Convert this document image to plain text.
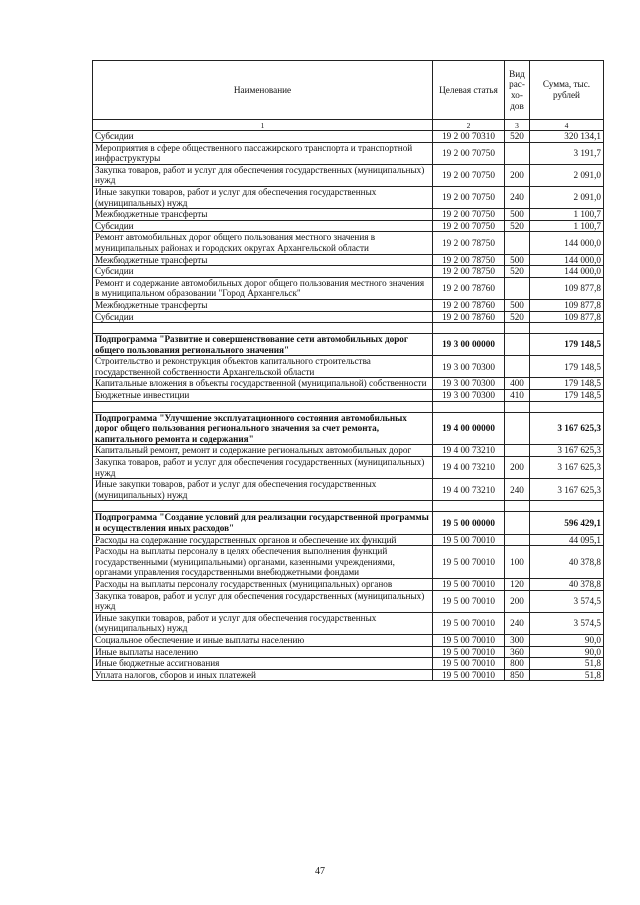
Наименование	Целевая статья	Вид рас- хо- дов	Сумма, тыс. рублей
1	2	3	4
Субсидии	19 2 00 70310	520	320 134,1
Мероприятия в сфере общественного пассажирского транспорта и транспортной инфраструктуры	19 2 00 70750		3 191,7
Закупка товаров, работ и услуг для обеспечения государственных (муниципальных) нужд	19 2 00 70750	200	2 091,0
Иные закупки товаров, работ и услуг для обеспечения государственных (муниципальных) нужд	19 2 00 70750	240	2 091,0
Межбюджетные трансферты	19 2 00 70750	500	1 100,7
Субсидии	19 2 00 70750	520	1 100,7
Ремонт автомобильных дорог общего пользования местного значения в муниципальных районах и городских округах Архангельской области	19 2 00 78750		144 000,0
Межбюджетные трансферты	19 2 00 78750	500	144 000,0
Субсидии	19 2 00 78750	520	144 000,0
Ремонт и содержание автомобильных дорог общего пользования местного значения в муниципальном образовании "Город Архангельск"	19 2 00 78760		109 877,8
Межбюджетные трансферты	19 2 00 78760	500	109 877,8
Субсидии	19 2 00 78760	520	109 877,8

Подпрограмма "Развитие и совершенствование сети автомобильных дорог общего пользования регионального значения"	19 3 00 00000		179 148,5
Строительство и реконструкция объектов капитального строительства государственной собственности Архангельской области	19 3 00 70300		179 148,5
Капитальные вложения в объекты государственной (муниципальной) собственности	19 3 00 70300	400	179 148,5
Бюджетные инвестиции	19 3 00 70300	410	179 148,5

Подпрограмма "Улучшение эксплуатационного состояния автомобильных дорог общего пользования регионального значения за счет ремонта, капитального ремонта и содержания"	19 4 00 00000		3 167 625,3
Капитальный ремонт, ремонт и содержание региональных автомобильных дорог	19 4 00 73210		3 167 625,3
Закупка товаров, работ и услуг для обеспечения государственных (муниципальных) нужд	19 4 00 73210	200	3 167 625,3
Иные закупки товаров, работ и услуг для обеспечения государственных (муниципальных) нужд	19 4 00 73210	240	3 167 625,3

Подпрограмма "Создание условий для реализации государственной программы и осуществления иных расходов"	19 5 00 00000		596 429,1
Расходы на содержание государственных органов и обеспечение их функций	19 5 00 70010		44 095,1
Расходы на выплаты персоналу в целях обеспечения выполнения функций государственными (муниципальными) органами, казенными учреждениями, органами управления государственными внебюджетными фондами	19 5 00 70010	100	40 378,8
Расходы на выплаты персоналу государственных (муниципальных) органов	19 5 00 70010	120	40 378,8
Закупка товаров, работ и услуг для обеспечения государственных (муниципальных) нужд	19 5 00 70010	200	3 574,5
Иные закупки товаров, работ и услуг для обеспечения государственных (муниципальных) нужд	19 5 00 70010	240	3 574,5
Социальное обеспечение и иные выплаты населению	19 5 00 70010	300	90,0
Иные выплаты населению	19 5 00 70010	360	90,0
Иные бюджетные ассигнования	19 5 00 70010	800	51,8
Уплата налогов, сборов и иных платежей	19 5 00 70010	850	51,8
47
